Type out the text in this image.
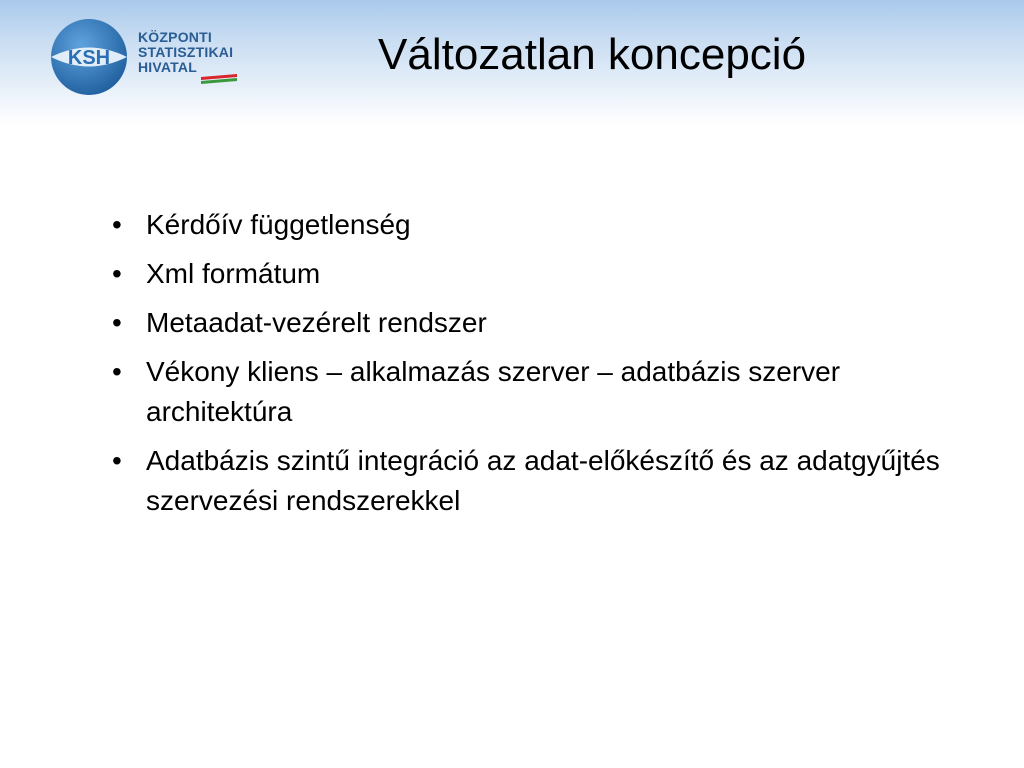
KSH
KÖZPONTI
STATISZTIKAI
HIVATAL	Változatlan koncepció
• Kérdőív függetlenség
• Xml formátum
• Metaadat-vezérelt rendszer
• Vékony kliens – alkalmazás szerver – adatbázis szerver architektúra
• Adatbázis szintű integráció az adat-előkészítő és az adatgyűjtés szervezési rendszerekkel
